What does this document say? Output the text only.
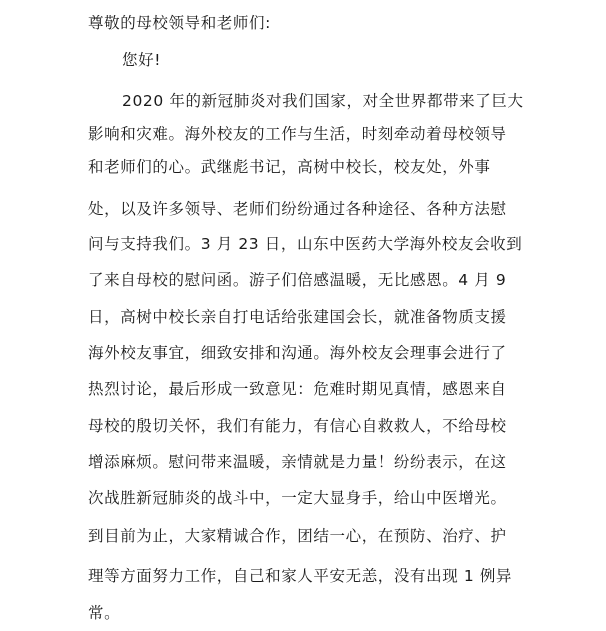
尊敬的母校领导和老师们:
您好!
2020 年的新冠肺炎对我们国家，对全世界都带来了巨大
影响和灾难。海外校友的工作与生活，时刻牵动着母校领导
和老师们的心。武继彪书记，高树中校长，校友处，外事
处，以及许多领导、老师们纷纷通过各种途径、各种方法慰
问与支持我们。3 月 23 日，山东中医药大学海外校友会收到
了来自母校的慰问函。游子们倍感温暖，无比感恩。4 月 9
日，高树中校长亲自打电话给张建国会长，就准备物质支援
海外校友事宜，细致安排和沟通。海外校友会理事会进行了
热烈讨论，最后形成一致意见：危难时期见真情，感恩来自
母校的殷切关怀，我们有能力，有信心自救救人，不给母校
增添麻烦。慰问带来温暖，亲情就是力量！纷纷表示，在这
次战胜新冠肺炎的战斗中，一定大显身手，给山中医增光。
到目前为止，大家精诚合作，团结一心，在预防、治疗、护
理等方面努力工作，自己和家人平安无恙，没有出现 1 例异
常。
